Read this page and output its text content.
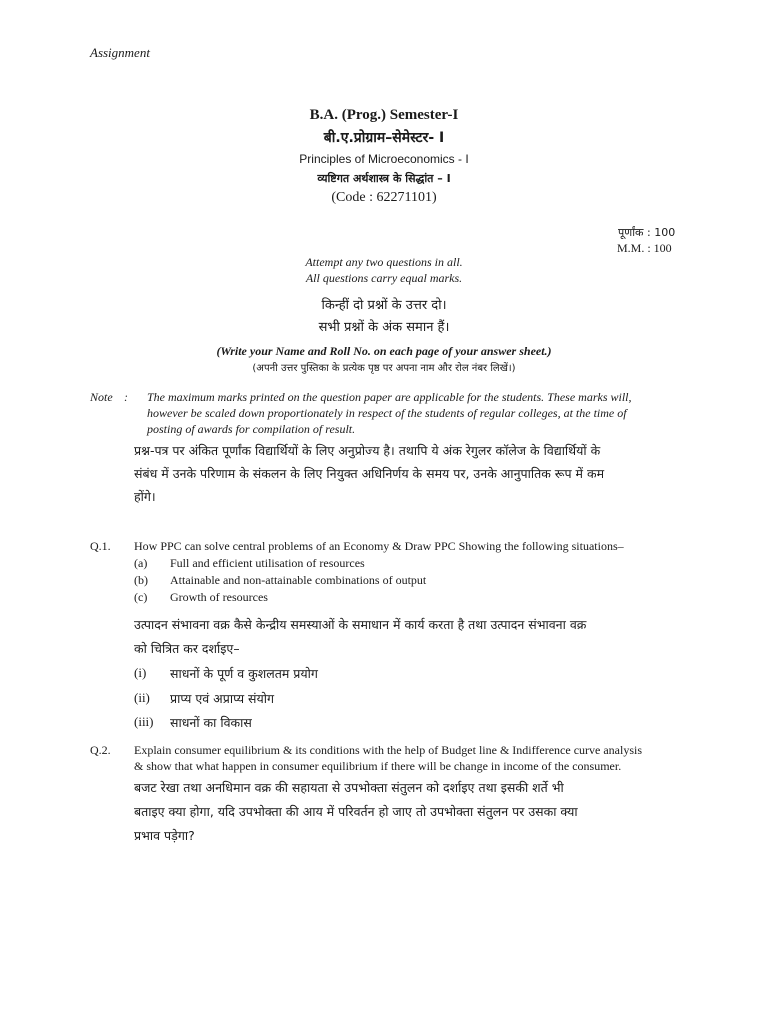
Assignment
B.A. (Prog.) Semester-I
बी.ए.प्रोग्राम–सेमेस्टर- I
Principles of Microeconomics - I
व्यष्टिगत अर्थशास्त्र के सिद्धांत – I
(Code : 62271101)
पूर्णांक : 100
M.M. : 100
Attempt any two questions in all.
All questions carry equal marks.
किन्हीं दो प्रश्नों के उत्तर दो।
सभी प्रश्नों के अंक समान हैं।
(Write your Name and Roll No. on each page of your answer sheet.)
(अपनी उत्तर पुस्तिका के प्रत्येक पृष्ठ पर अपना नाम और रोल नंबर लिखें।)
Note : The maximum marks printed on the question paper are applicable for the students. These marks will,
however be scaled down proportionately in respect of the students of regular colleges, at the time of
posting of awards for compilation of result.
प्रश्न-पत्र पर अंकित पूर्णांक विद्यार्थियों के लिए अनुप्रोज्य है। तथापि ये अंक रेगुलर कॉलेज के विद्यार्थियों के
संबंध में उनके परिणाम के संकलन के लिए नियुक्त अधिनिर्णय के समय पर, उनके आनुपातिक रूप में कम
होंगे।
Q.1. How PPC can solve central problems of an Economy & Draw PPC Showing the following situations–
(a) Full and efficient utilisation of resources
(b) Attainable and non-attainable combinations of output
(c) Growth of resources
उत्पादन संभावना वक्र कैसे केन्द्रीय समस्याओं के समाधान में कार्य करता है तथा उत्पादन संभावना वक्र
को चित्रित कर दर्शाइए–
(i) साधनों के पूर्ण व कुशलतम प्रयोग
(ii) प्राप्य एवं अप्राप्य संयोग
(iii) साधनों का विकास
Q.2. Explain consumer equilibrium & its conditions with the help of Budget line & Indifference curve analysis
& show that what happen in consumer equilibrium if there will be change in income of the consumer.
बजट रेखा तथा अनधिमान वक्र की सहायता से उपभोक्ता संतुलन को दर्शाइए तथा इसकी शर्ते भी
बताइए क्या होगा, यदि उपभोक्ता की आय में परिवर्तन हो जाए तो उपभोक्ता संतुलन पर उसका क्या
प्रभाव पड़ेगा?
